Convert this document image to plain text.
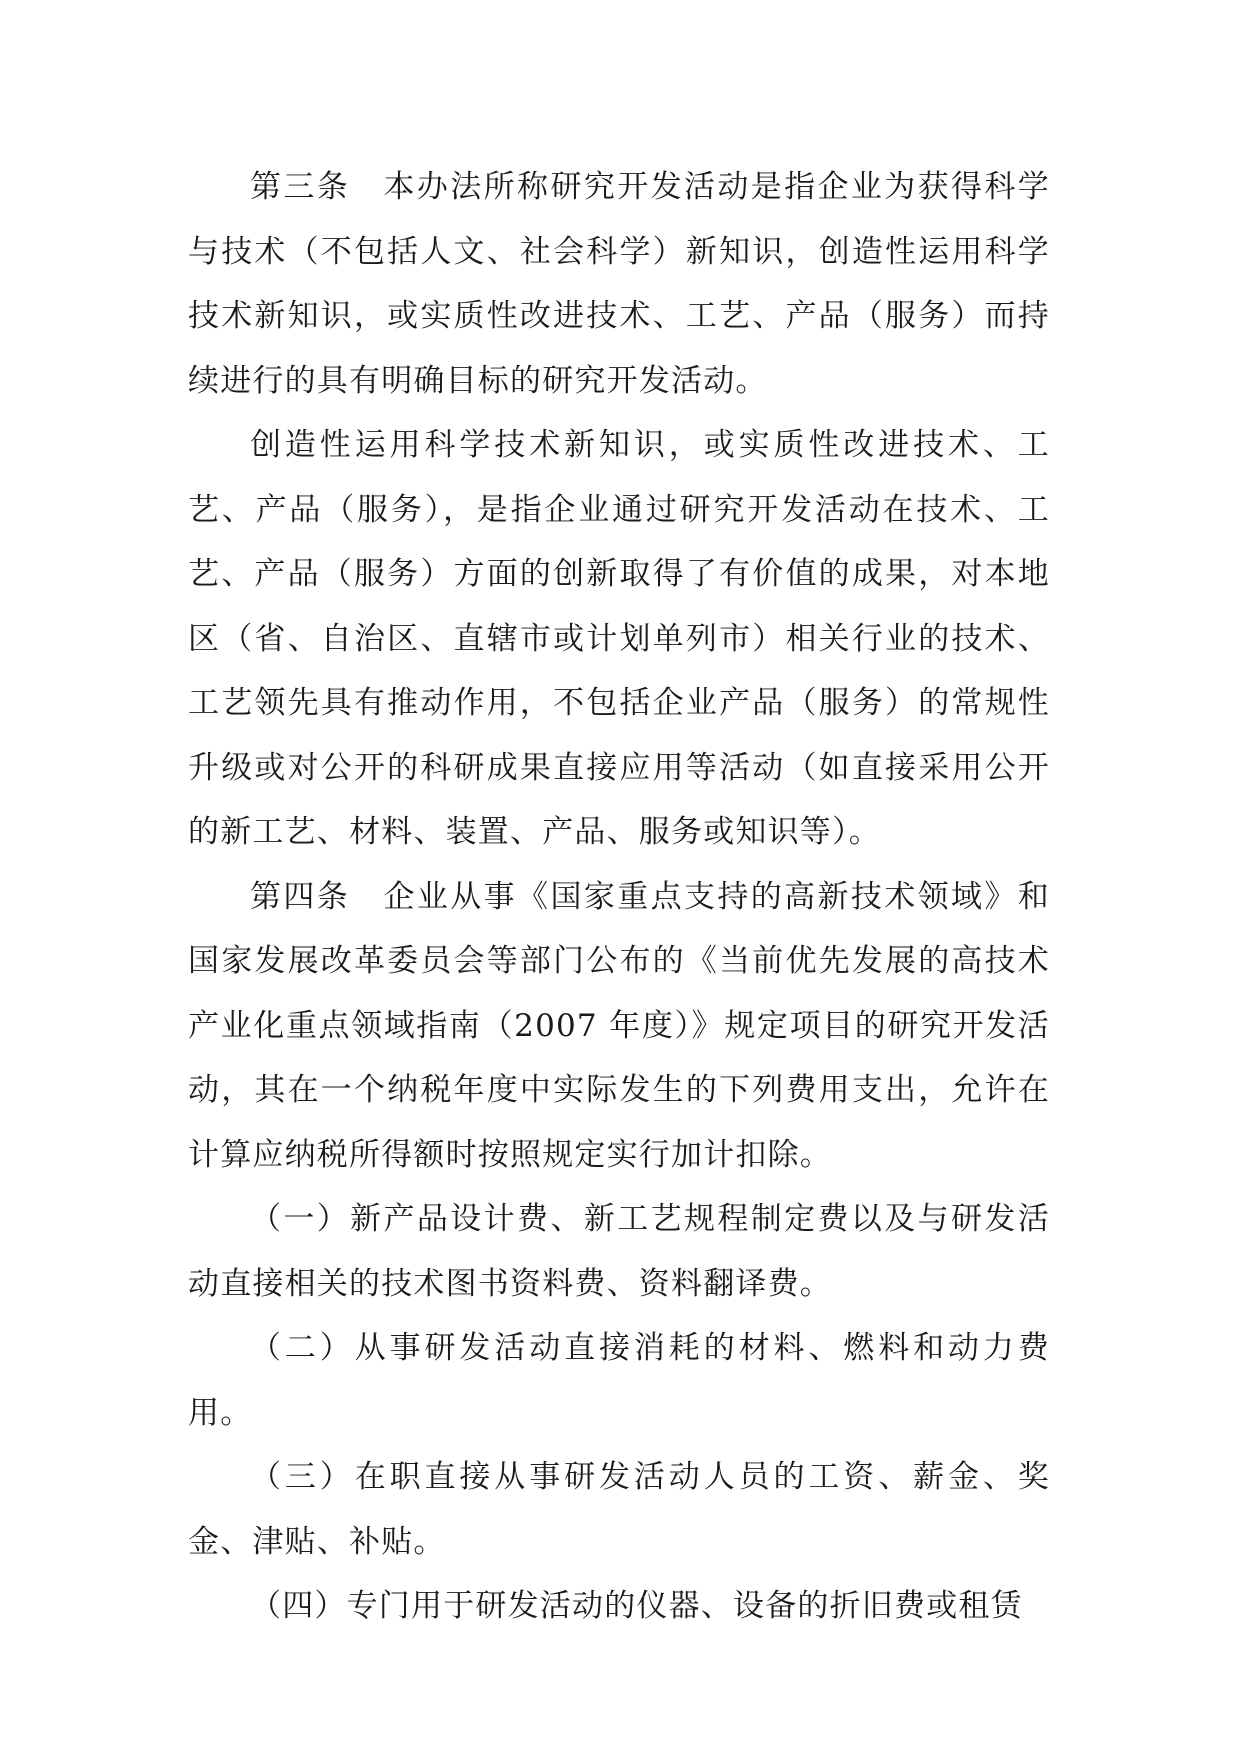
第三条　本办法所称研究开发活动是指企业为获得科学与技术（不包括人文、社会科学）新知识，创造性运用科学技术新知识，或实质性改进技术、工艺、产品（服务）而持续进行的具有明确目标的研究开发活动。

创造性运用科学技术新知识，或实质性改进技术、工艺、产品（服务），是指企业通过研究开发活动在技术、工艺、产品（服务）方面的创新取得了有价值的成果，对本地区（省、自治区、直辖市或计划单列市）相关行业的技术、工艺领先具有推动作用，不包括企业产品（服务）的常规性升级或对公开的科研成果直接应用等活动（如直接采用公开的新工艺、材料、装置、产品、服务或知识等）。

第四条　企业从事《国家重点支持的高新技术领域》和国家发展改革委员会等部门公布的《当前优先发展的高技术产业化重点领域指南（2007 年度）》规定项目的研究开发活动，其在一个纳税年度中实际发生的下列费用支出，允许在计算应纳税所得额时按照规定实行加计扣除。

（一）新产品设计费、新工艺规程制定费以及与研发活动直接相关的技术图书资料费、资料翻译费。

（二）从事研发活动直接消耗的材料、燃料和动力费用。

（三）在职直接从事研发活动人员的工资、薪金、奖金、津贴、补贴。

（四）专门用于研发活动的仪器、设备的折旧费或租赁
